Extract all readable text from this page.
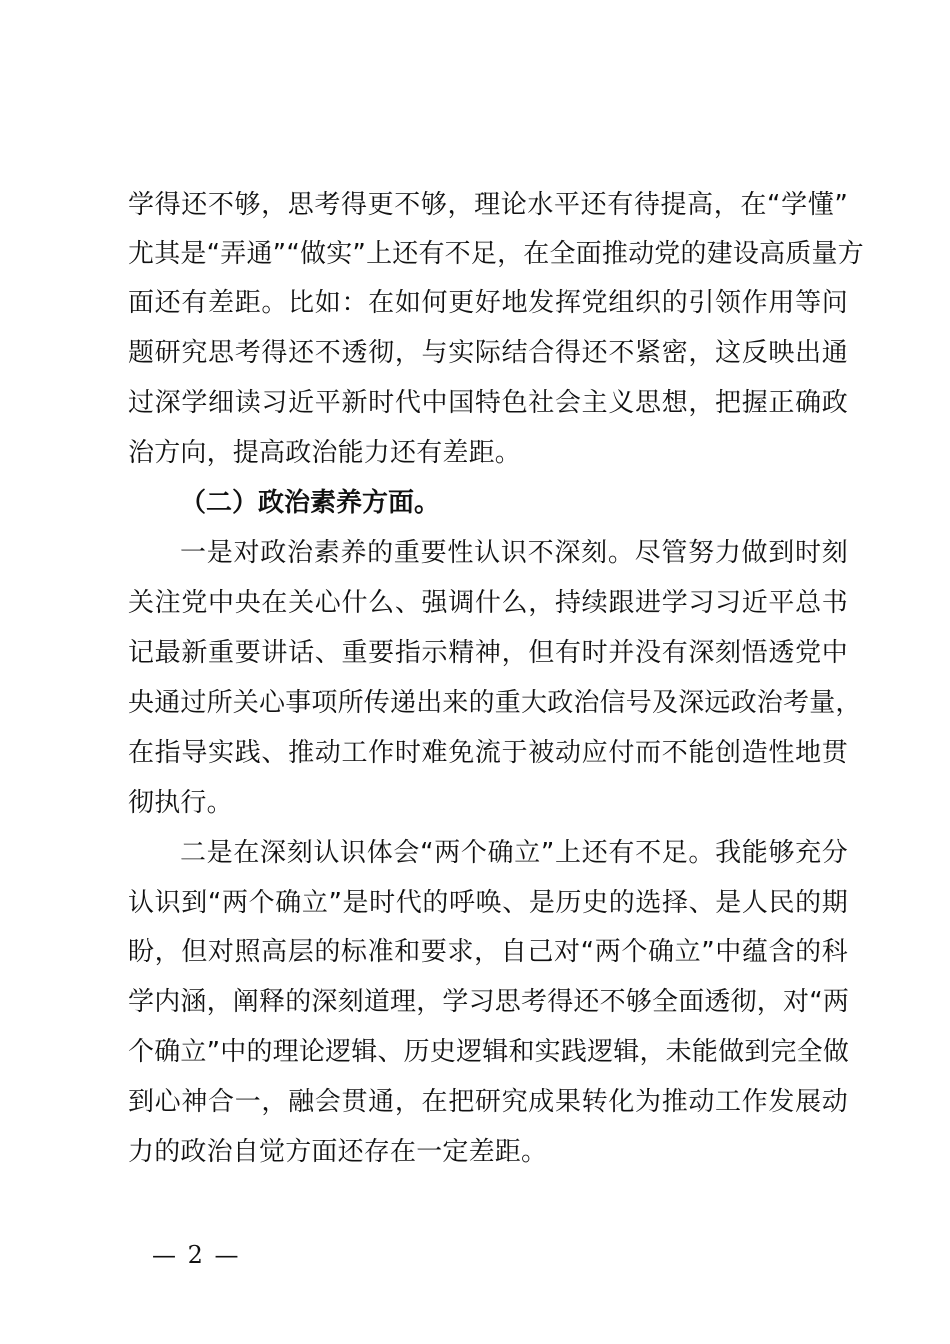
学得还不够，思考得更不够，理论水平还有待提高，在“学懂”
尤其是“弄通”“做实”上还有不足，在全面推动党的建设高质量方
面还有差距。比如：在如何更好地发挥党组织的引领作用等问
题研究思考得还不透彻，与实际结合得还不紧密，这反映出通
过深学细读习近平新时代中国特色社会主义思想，把握正确政
治方向，提高政治能力还有差距。
（二）政治素养方面。
一是对政治素养的重要性认识不深刻。尽管努力做到时刻
关注党中央在关心什么、强调什么，持续跟进学习习近平总书
记最新重要讲话、重要指示精神，但有时并没有深刻悟透党中
央通过所关心事项所传递出来的重大政治信号及深远政治考量，
在指导实践、推动工作时难免流于被动应付而不能创造性地贯
彻执行。
二是在深刻认识体会“两个确立”上还有不足。我能够充分
认识到“两个确立”是时代的呼唤、是历史的选择、是人民的期
盼，但对照高层的标准和要求，自己对“两个确立”中蕴含的科
学内涵，阐释的深刻道理，学习思考得还不够全面透彻，对“两
个确立”中的理论逻辑、历史逻辑和实践逻辑，未能做到完全做
到心神合一，融会贯通，在把研究成果转化为推动工作发展动
力的政治自觉方面还存在一定差距。
— 2 —
